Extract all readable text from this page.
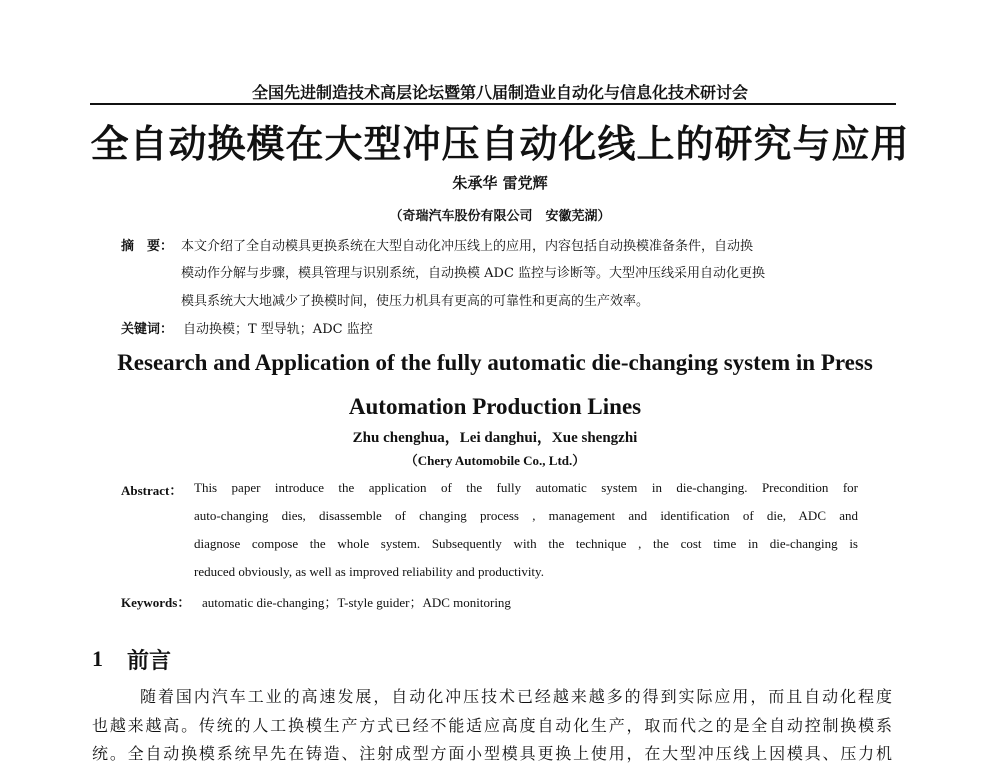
全国先进制造技术高层论坛暨第八届制造业自动化与信息化技术研讨会
全自动换模在大型冲压自动化线上的研究与应用
朱承华 雷党辉
（奇瑞汽车股份有限公司　安徽芜湖）
摘　要： 本文介绍了全自动模具更换系统在大型自动化冲压线上的应用，内容包括自动换模准备条件，自动换
模动作分解与步骤，模具管理与识别系统，自动换模 ADC 监控与诊断等。大型冲压线采用自动化更换
模具系统大大地减少了换模时间，使压力机具有更高的可靠性和更高的生产效率。
关键词： 自动换模；T 型导轨；ADC 监控
Research and Application of the fully automatic die-changing system in Press
Automation Production Lines
Zhu chenghua，Lei danghui，Xue shengzhi
（Chery Automobile Co., Ltd.）
Abstract： This paper introduce the application of the fully automatic system in die-changing. Precondition for
auto-changing dies, disassemble of changing process , management and identification of die, ADC and
diagnose compose the whole system. Subsequently with the technique , the cost time in die-changing is
reduced obviously, as well as improved reliability and productivity.
Keywords： automatic die-changing；T-style guider；ADC monitoring
1 前言
随着国内汽车工业的高速发展，自动化冲压技术已经越来越多的得到实际应用，而且自动化程度
也越来越高。传统的人工换模生产方式已经不能适应高度自动化生产，取而代之的是全自动控制换模系
统。全自动换模系统早先在铸造、注射成型方面小型模具更换上使用，在大型冲压线上因模具、压力机
